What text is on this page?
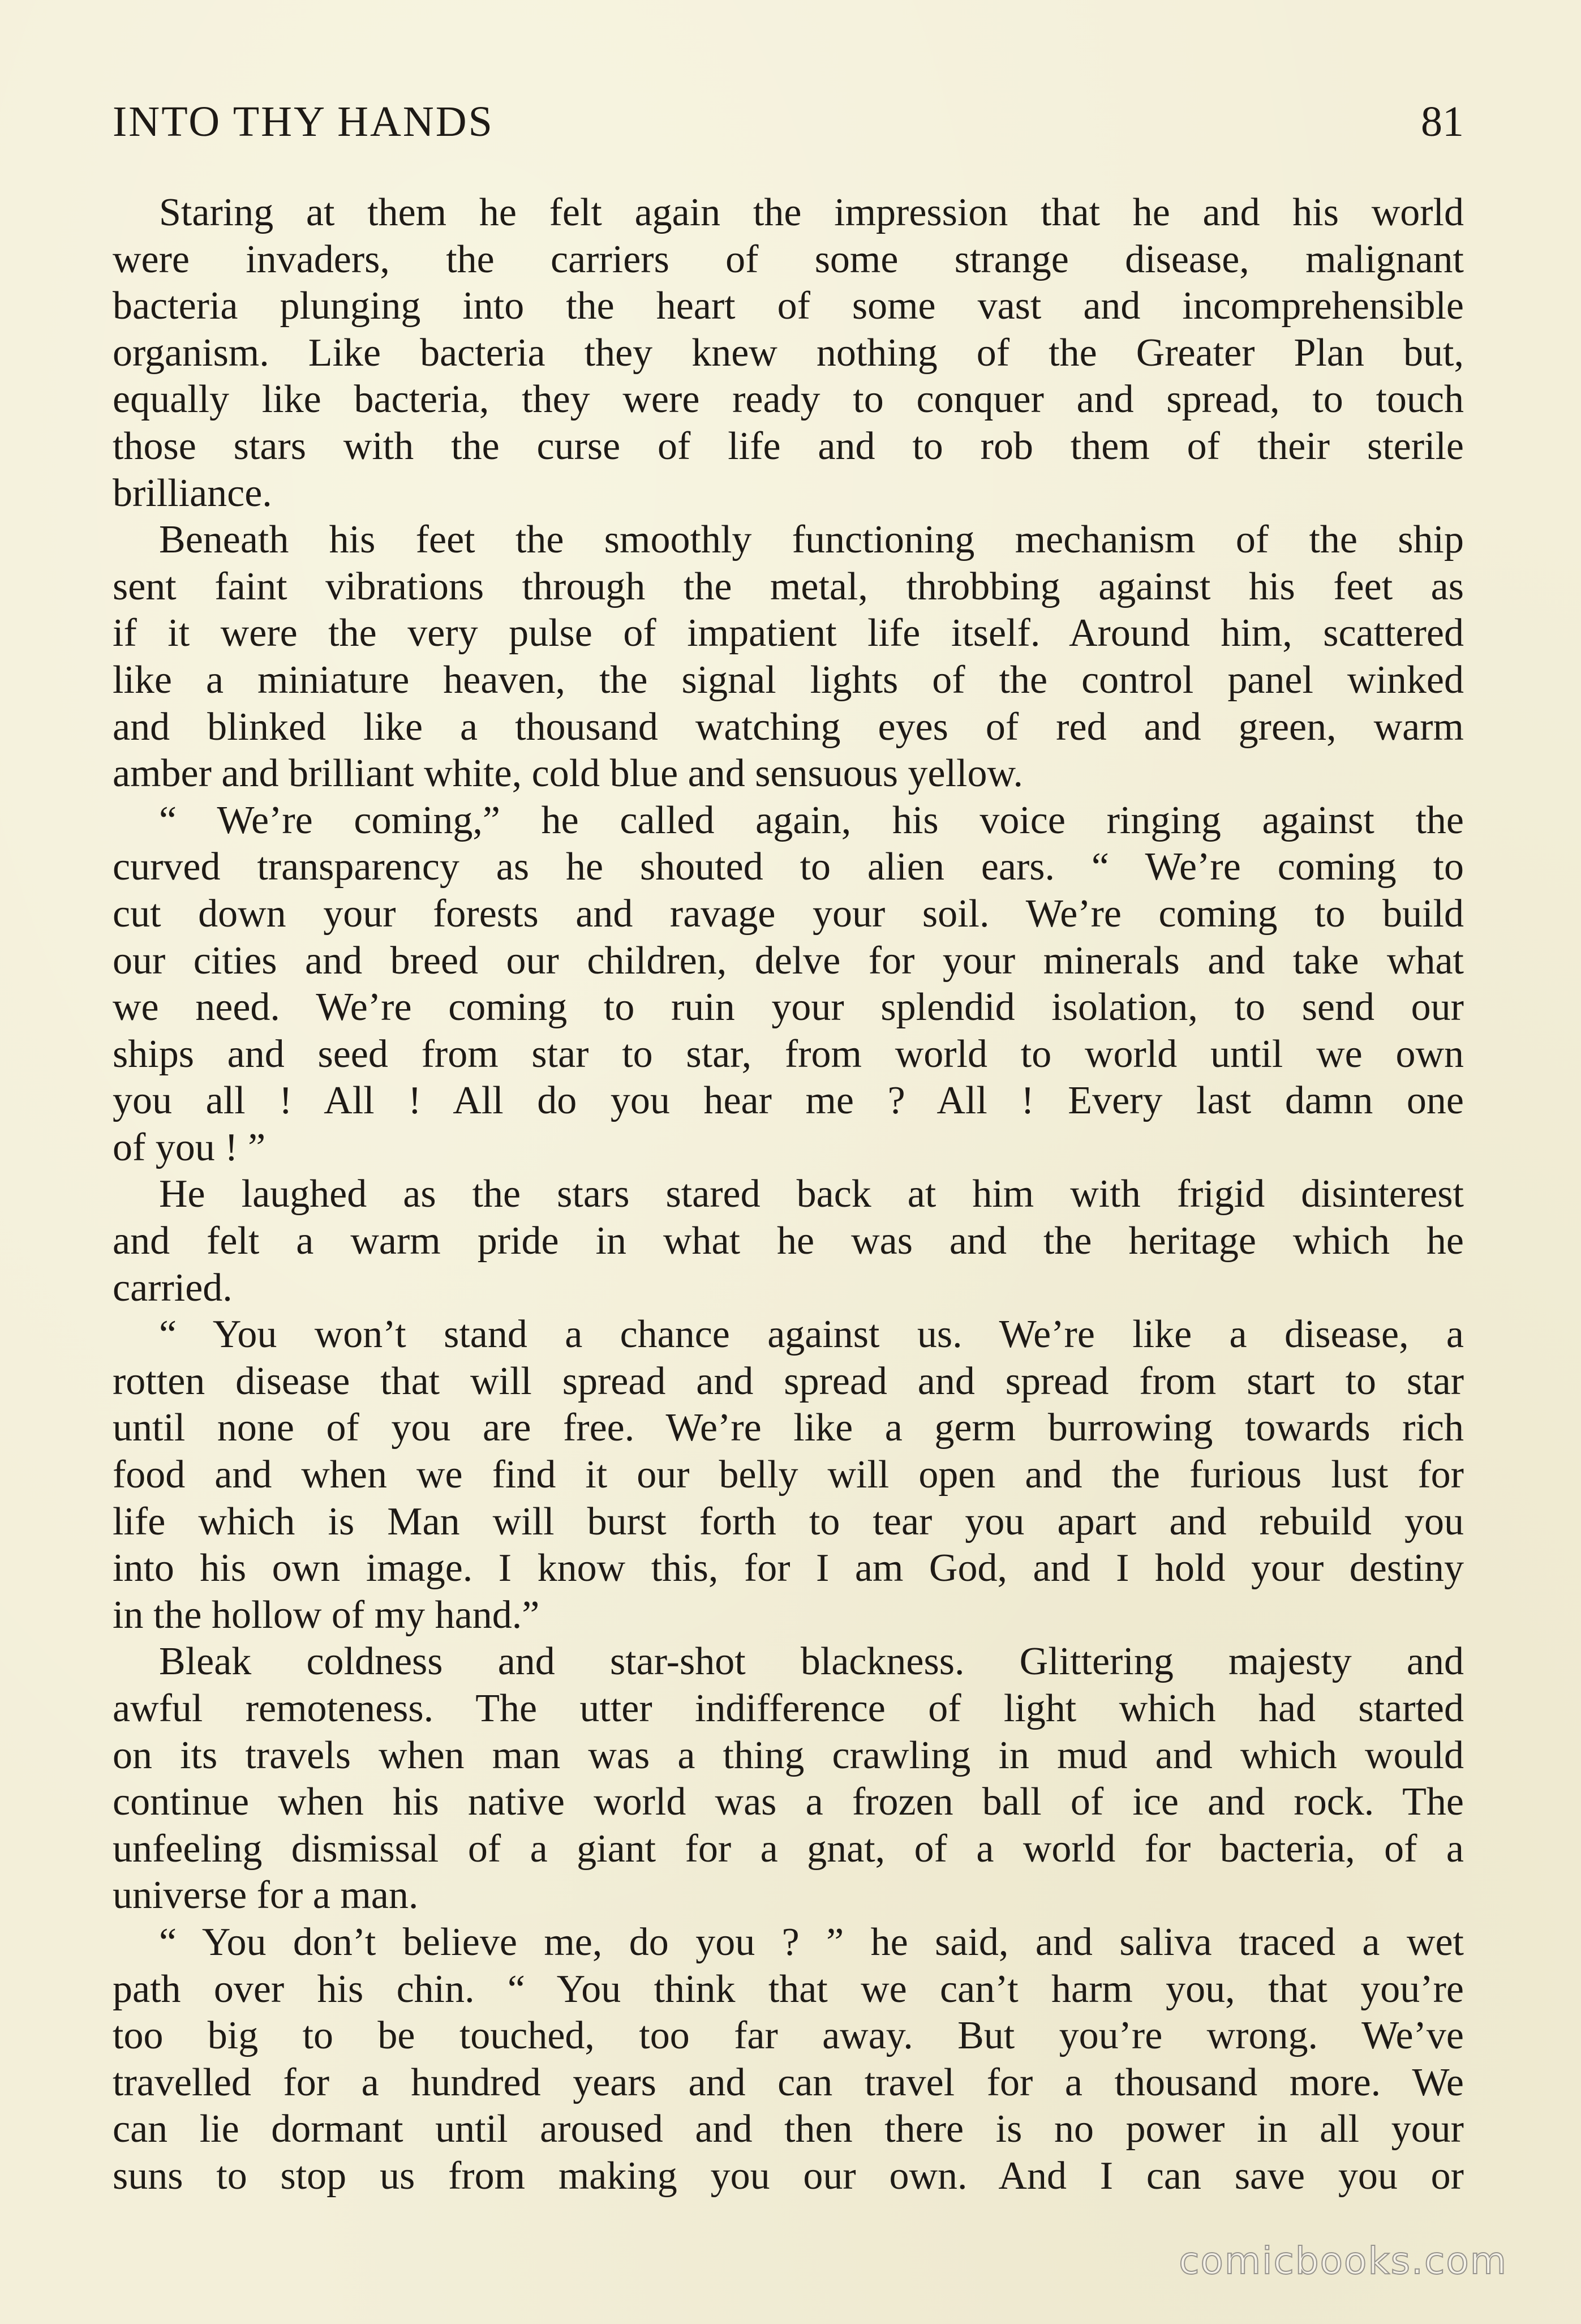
INTO THY HANDS	81
Staring at them he felt again the impression that he and his world
were invaders, the carriers of some strange disease, malignant
bacteria plunging into the heart of some vast and incomprehensible
organism. Like bacteria they knew nothing of the Greater Plan but,
equally like bacteria, they were ready to conquer and spread, to touch
those stars with the curse of life and to rob them of their sterile
brilliance.
Beneath his feet the smoothly functioning mechanism of the ship
sent faint vibrations through the metal, throbbing against his feet as
if it were the very pulse of impatient life itself. Around him, scattered
like a miniature heaven, the signal lights of the control panel winked
and blinked like a thousand watching eyes of red and green, warm
amber and brilliant white, cold blue and sensuous yellow.
“ We’re coming,” he called again, his voice ringing against the
curved transparency as he shouted to alien ears. “ We’re coming to
cut down your forests and ravage your soil. We’re coming to build
our cities and breed our children, delve for your minerals and take what
we need. We’re coming to ruin your splendid isolation, to send our
ships and seed from star to star, from world to world until we own
you all ! All ! All do you hear me ? All ! Every last damn one
of you ! ”
He laughed as the stars stared back at him with frigid disinterest
and felt a warm pride in what he was and the heritage which he
carried.
“ You won’t stand a chance against us. We’re like a disease, a
rotten disease that will spread and spread and spread from start to star
until none of you are free. We’re like a germ burrowing towards rich
food and when we find it our belly will open and the furious lust for
life which is Man will burst forth to tear you apart and rebuild you
into his own image. I know this, for I am God, and I hold your destiny
in the hollow of my hand.”
Bleak coldness and star-shot blackness. Glittering majesty and
awful remoteness. The utter indifference of light which had started
on its travels when man was a thing crawling in mud and which would
continue when his native world was a frozen ball of ice and rock. The
unfeeling dismissal of a giant for a gnat, of a world for bacteria, of a
universe for a man.
“ You don’t believe me, do you ? ” he said, and saliva traced a wet
path over his chin. “ You think that we can’t harm you, that you’re
too big to be touched, too far away. But you’re wrong. We’ve
travelled for a hundred years and can travel for a thousand more. We
can lie dormant until aroused and then there is no power in all your
suns to stop us from making you our own. And I can save you or
comicbooks.com
